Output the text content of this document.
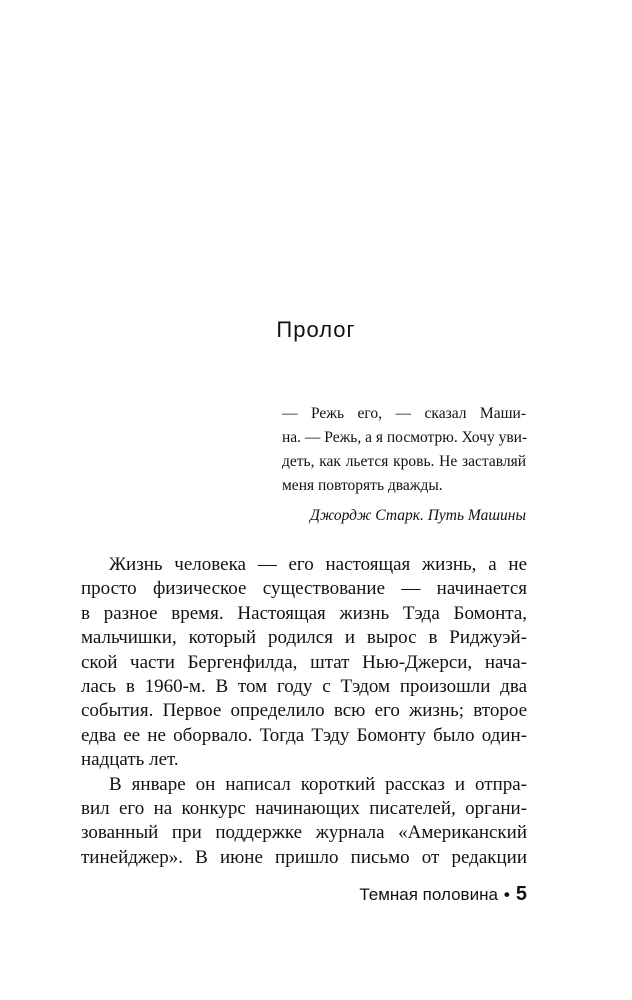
Пролог
— Режь его, — сказал Маши-
на. — Режь, а я посмотрю. Хочу уви-
деть, как льется кровь. Не заставляй
меня повторять дважды.
Джордж Старк. Путь Машины
Жизнь человека — его настоящая жизнь, а не
просто физическое существование — начинается
в разное время. Настоящая жизнь Тэда Бомонта,
мальчишки, который родился и вырос в Риджуэй-
ской части Бергенфилда, штат Нью-Джерси, нача-
лась в 1960-м. В том году с Тэдом произошли два
события. Первое определило всю его жизнь; второе
едва ее не оборвало. Тогда Тэду Бомонту было один-
надцать лет.
В январе он написал короткий рассказ и отпра-
вил его на конкурс начинающих писателей, органи-
зованный при поддержке журнала «Американский
тинейджер». В июне пришло письмо от редакции
Темная половина • 5
